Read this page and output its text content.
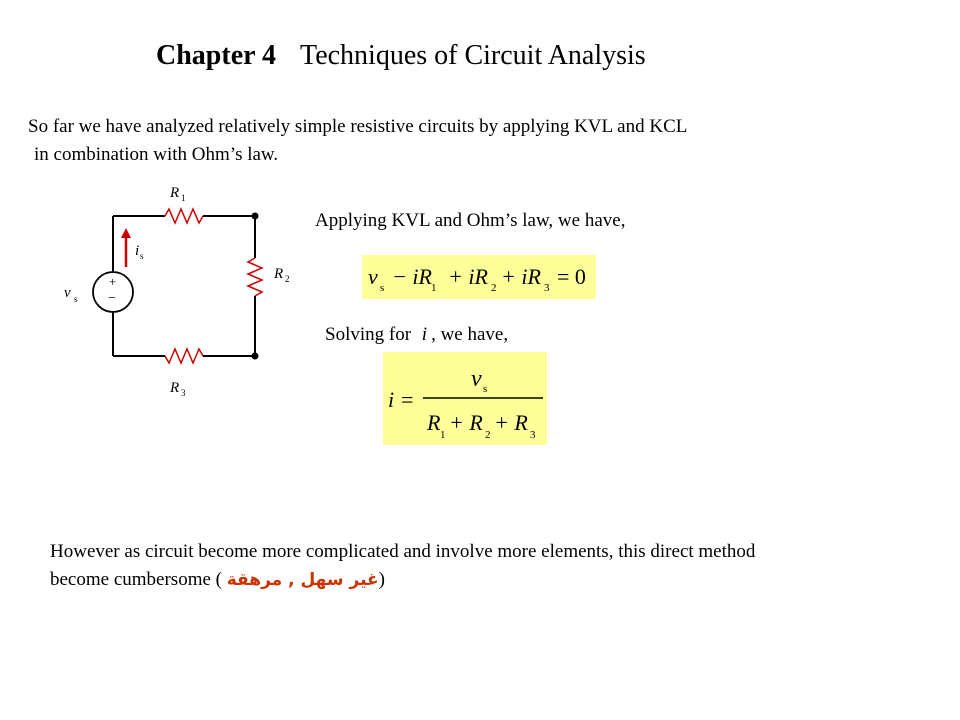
Chapter 4 Techniques of Circuit Analysis
So far we have analyzed relatively simple resistive circuits by applying KVL and KCL
in combination with Ohm’s law.
+
−
R 1
R 2
R 3
i s
v s
Applying KVL and Ohm’s law, we have,
v s − iR 1 + iR 2 + iR 3 = 0
Solving for i , we have,
i =
v s
R 1 + R 2 + R 3
However as circuit become more complicated and involve more elements, this direct method
become cumbersome ( غير سهل , مرهقة)
